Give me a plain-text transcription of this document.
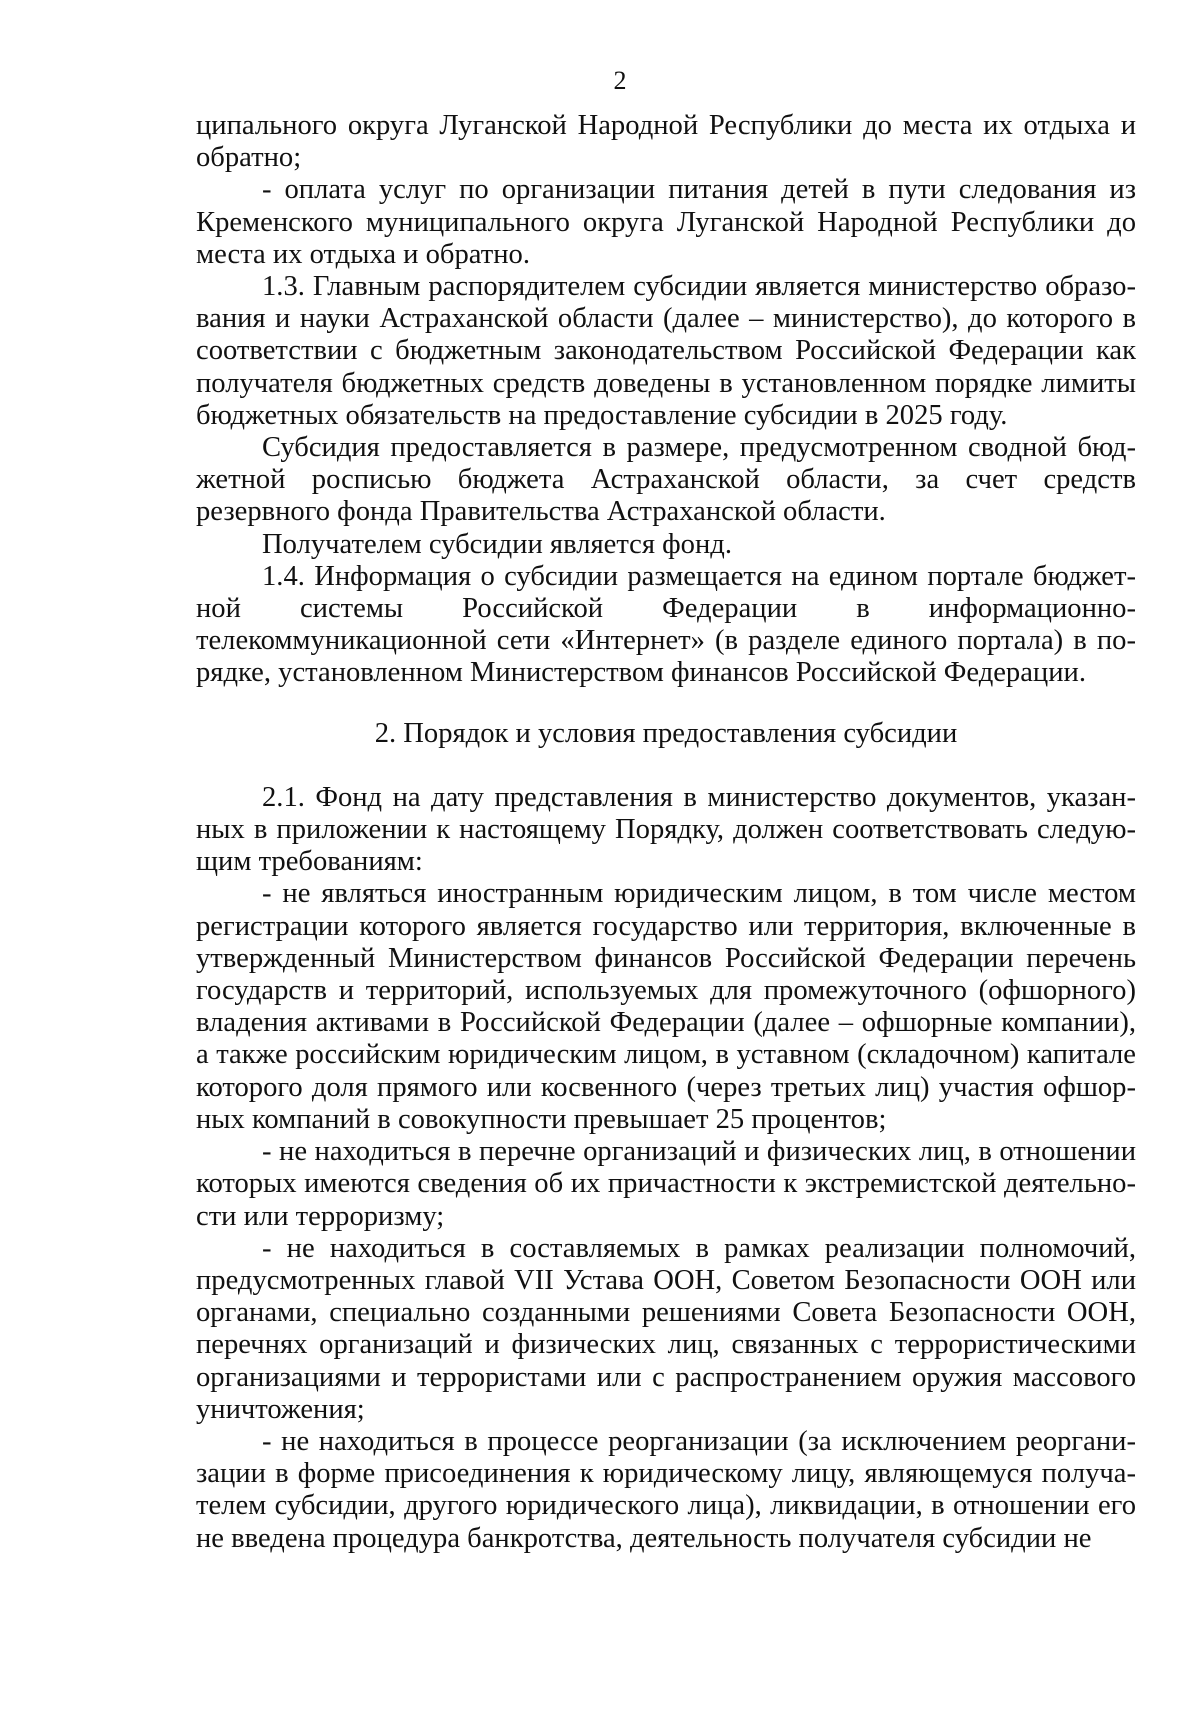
2

ципального округа Луганской Народной Республики до места их отдыха и обратно;

- оплата услуг по организации питания детей в пути следования из Кременского муниципального округа Луганской Народной Республики до места их отдыха и обратно.

1.3. Главным распорядителем субсидии является министерство образования и науки Астраханской области (далее – министерство), до которого в соответствии с бюджетным законодательством Российской Федерации как получателя бюджетных средств доведены в установленном порядке лимиты бюджетных обязательств на предоставление субсидии в 2025 году.

Субсидия предоставляется в размере, предусмотренном сводной бюджетной росписью бюджета Астраханской области, за счет средств резервного фонда Правительства Астраханской области.

Получателем субсидии является фонд.

1.4. Информация о субсидии размещается на едином портале бюджетной системы Российской Федерации в информационно-телекоммуникационной сети «Интернет» (в разделе единого портала) в порядке, установленном Министерством финансов Российской Федерации.

2. Порядок и условия предоставления субсидии

2.1. Фонд на дату представления в министерство документов, указанных в приложении к настоящему Порядку, должен соответствовать следующим требованиям:

- не являться иностранным юридическим лицом, в том числе местом регистрации которого является государство или территория, включенные в утвержденный Министерством финансов Российской Федерации перечень государств и территорий, используемых для промежуточного (офшорного) владения активами в Российской Федерации (далее – офшорные компании), а также российским юридическим лицом, в уставном (складочном) капитале которого доля прямого или косвенного (через третьих лиц) участия офшорных компаний в совокупности превышает 25 процентов;

- не находиться в перечне организаций и физических лиц, в отношении которых имеются сведения об их причастности к экстремистской деятельности или терроризму;

- не находиться в составляемых в рамках реализации полномочий, предусмотренных главой VII Устава ООН, Советом Безопасности ООН или органами, специально созданными решениями Совета Безопасности ООН, перечнях организаций и физических лиц, связанных с террористическими организациями и террористами или с распространением оружия массового уничтожения;

- не находиться в процессе реорганизации (за исключением реорганизации в форме присоединения к юридическому лицу, являющемуся получателем субсидии, другого юридического лица), ликвидации, в отношении его не введена процедура банкротства, деятельность получателя субсидии не
